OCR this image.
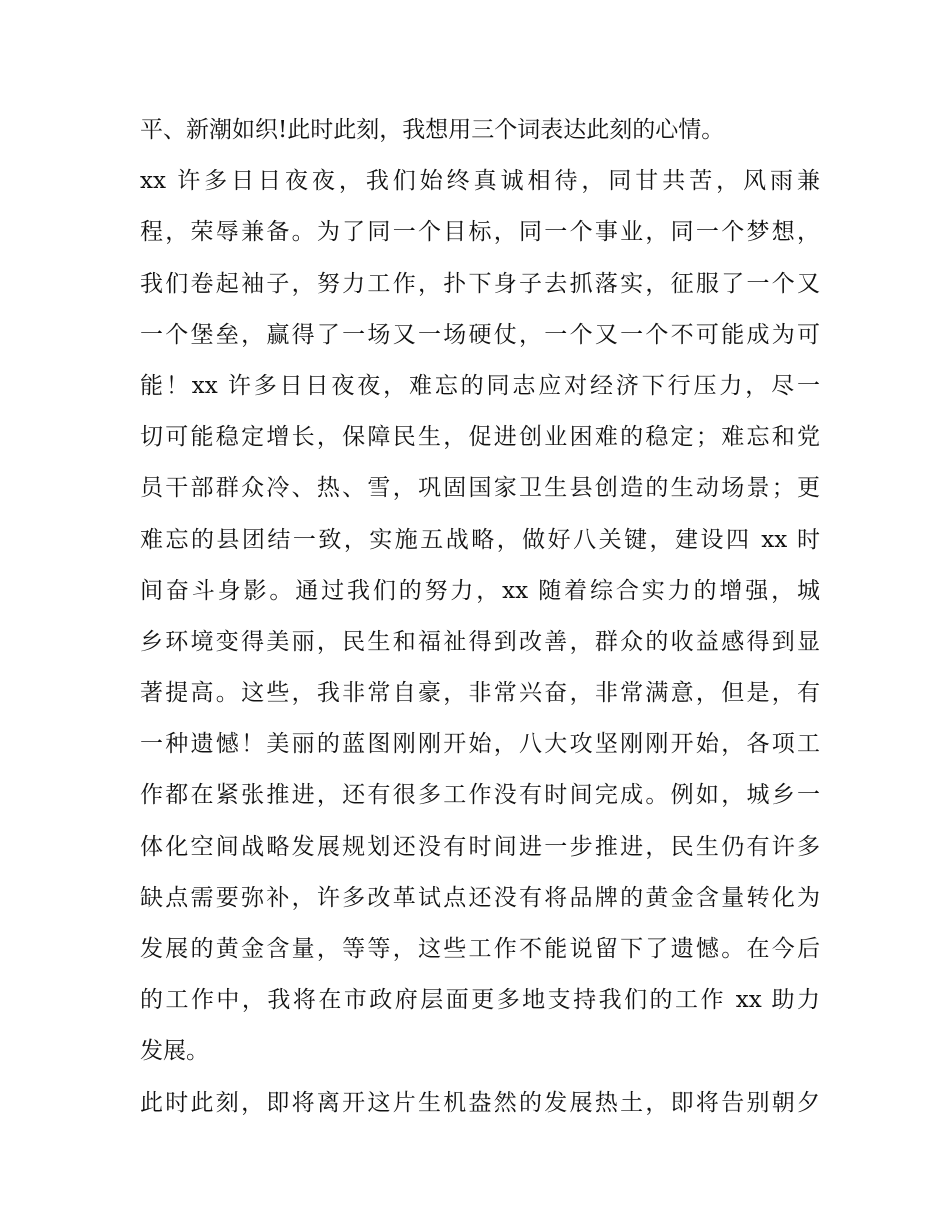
平、新潮如织!此时此刻，我想用三个词表达此刻的心情。
xx 许多日日夜夜，我们始终真诚相待，同甘共苦，风雨兼
程，荣辱兼备。为了同一个目标，同一个事业，同一个梦想，
我们卷起袖子，努力工作，扑下身子去抓落实，征服了一个又
一个堡垒，赢得了一场又一场硬仗，一个又一个不可能成为可
能！xx 许多日日夜夜，难忘的同志应对经济下行压力，尽一
切可能稳定增长，保障民生，促进创业困难的稳定；难忘和党
员干部群众冷、热、雪，巩固国家卫生县创造的生动场景；更
难忘的县团结一致，实施五战略，做好八关键，建设四 xx 时
间奋斗身影。通过我们的努力，xx 随着综合实力的增强，城
乡环境变得美丽，民生和福祉得到改善，群众的收益感得到显
著提高。这些，我非常自豪，非常兴奋，非常满意，但是，有
一种遗憾！美丽的蓝图刚刚开始，八大攻坚刚刚开始，各项工
作都在紧张推进，还有很多工作没有时间完成。例如，城乡一
体化空间战略发展规划还没有时间进一步推进，民生仍有许多
缺点需要弥补，许多改革试点还没有将品牌的黄金含量转化为
发展的黄金含量，等等，这些工作不能说留下了遗憾。在今后
的工作中，我将在市政府层面更多地支持我们的工作 xx 助力
发展。
此时此刻，即将离开这片生机盎然的发展热土，即将告别朝夕
